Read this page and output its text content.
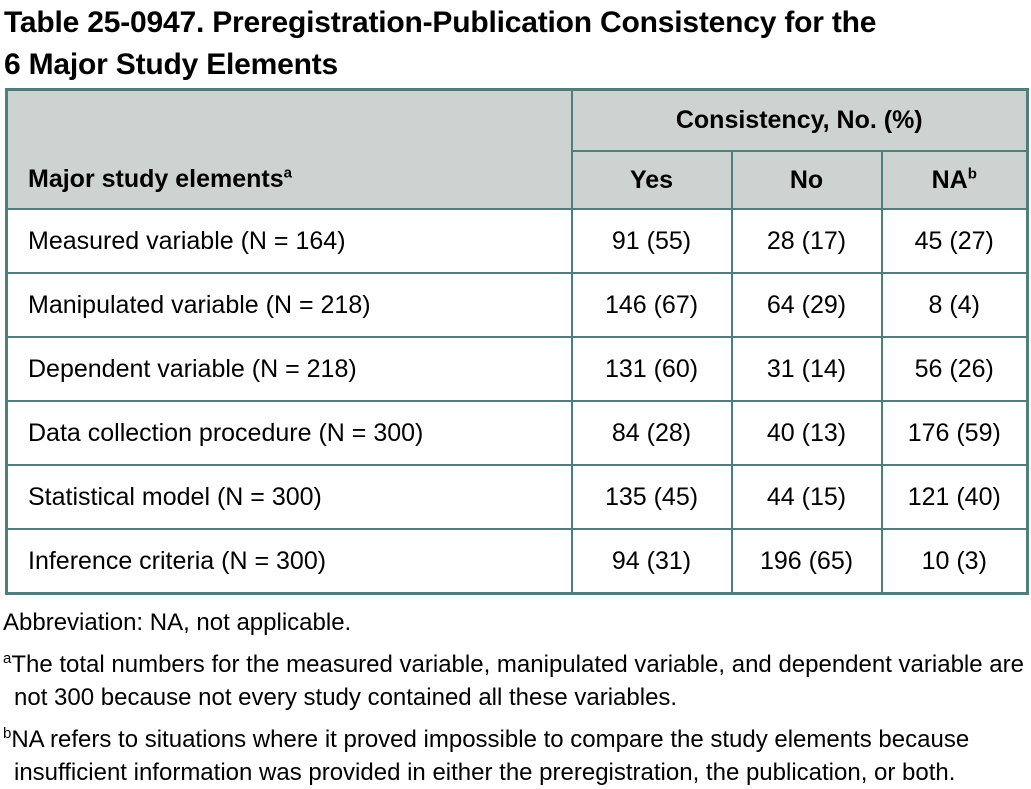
Table 25-0947. Preregistration-Publication Consistency for the
6 Major Study Elements
Major study elements$^a$	Consistency, No. (%)		
	Yes	No	$NA^b$
Measured variable (N = 164)	91 (55)	28 (17)	45 (27)
Manipulated variable (N = 218)	146 (67)	64 (29)	8 (4)
Dependent variable (N = 218)	131 (60)	31 (14)	56 (26)
Data collection procedure (N = 300)	84 (28)	40 (13)	176 (59)
Statistical model (N = 300)	135 (45)	44 (15)	121 (40)
Inference criteria (N = 300)	94 (31)	196 (65)	10 (3)

Abbreviation: NA, not applicable.

$^a$The total numbers for the measured variable, manipulated variable, and dependent variable are not 300 because not every study contained all these variables.

$^b$NA refers to situations where it proved impossible to compare the study elements because insufficient information was provided in either the preregistration, the publication, or both.
